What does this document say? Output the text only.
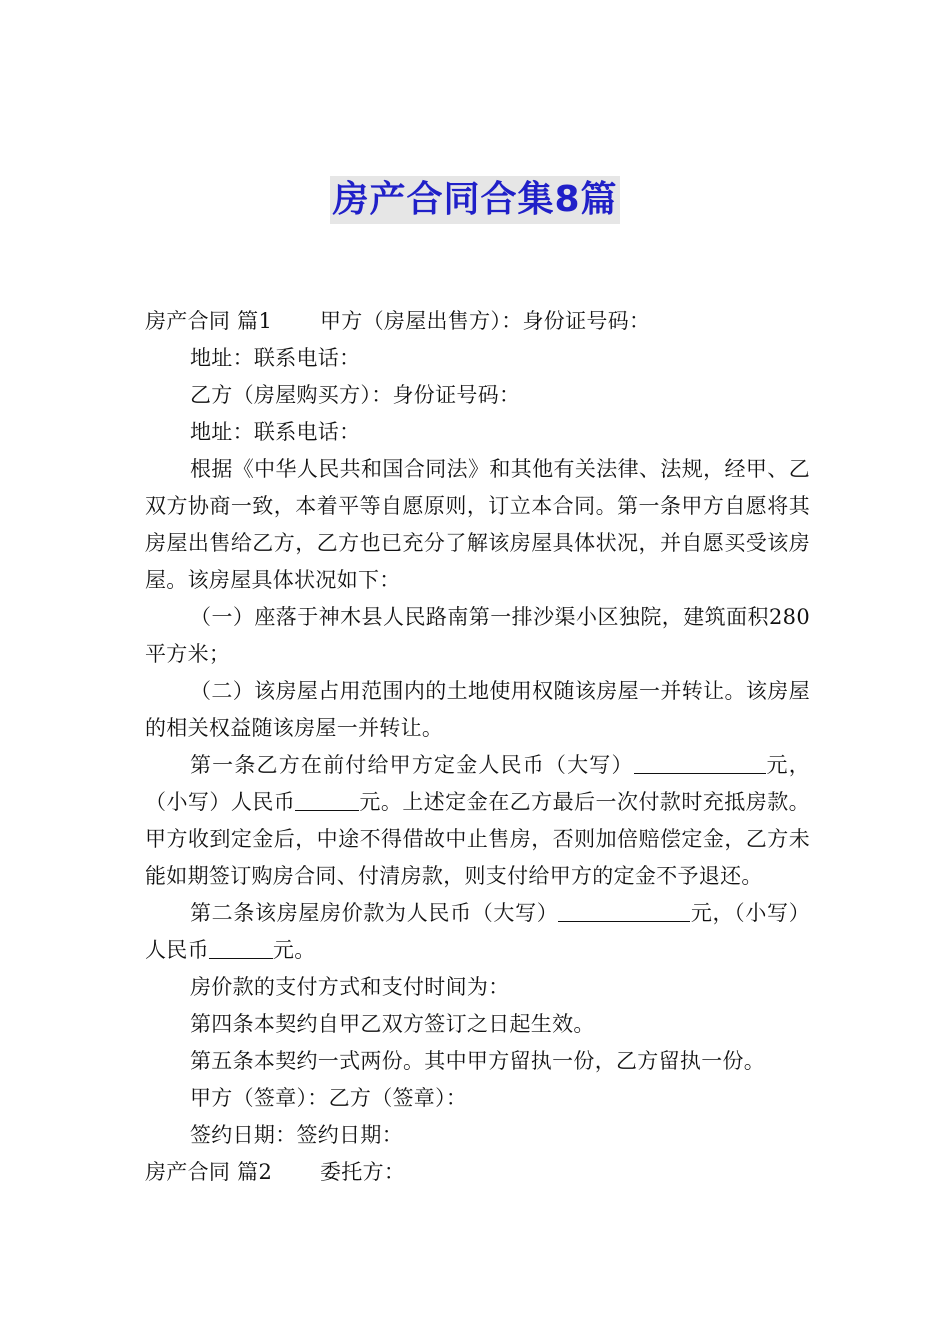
房产合同合集8篇

房产合同 篇1 甲方（房屋出售方）：身份证号码：

地址：联系电话：

乙方（房屋购买方）：身份证号码：

地址：联系电话：

根据《中华人民共和国合同法》和其他有关法律、法规，经甲、乙双方协商一致，本着平等自愿原则，订立本合同。第一条甲方自愿将其房屋出售给乙方，乙方也已充分了解该房屋具体状况，并自愿买受该房屋。该房屋具体状况如下：

（一）座落于神木县人民路南第一排沙渠小区独院，建筑面积280平方米；

（二）该房屋占用范围内的土地使用权随该房屋一并转让。该房屋的相关权益随该房屋一并转让。

第一条乙方在前付给甲方定金人民币（大写）	元，（小写）人民币	元。上述定金在乙方最后一次付款时充抵房款。甲方收到定金后，中途不得借故中止售房，否则加倍赔偿定金，乙方未能如期签订购房合同、付清房款，则支付给甲方的定金不予退还。

第二条该房屋房价款为人民币（大写）	元，（小写）人民币	元。

房价款的支付方式和支付时间为：

第四条本契约自甲乙双方签订之日起生效。

第五条本契约一式两份。其中甲方留执一份，乙方留执一份。

甲方（签章）：乙方（签章）：

签约日期：签约日期：

房产合同 篇2 委托方：
